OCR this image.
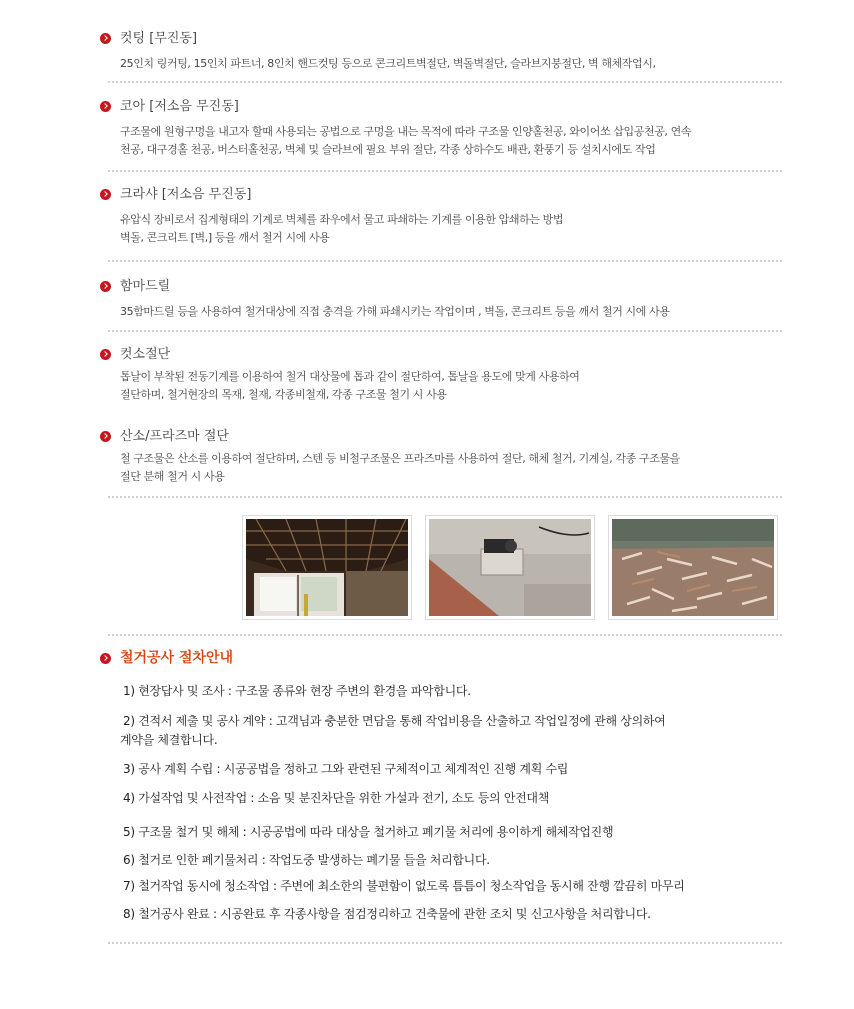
컷팅 [무진동]
25인치 링커팅, 15인치 파트너, 8인치 핸드컷팅 등으로 콘크리트벽절단, 벽돌벽절단, 슬라브지붕절단, 벽 해체작업시,
코아 [저소음 무진동]
구조물에 원형구멍을 내고자 할때 사용되는 공법으로 구멍을 내는 목적에 따라 구조물 인양홀천공, 와이어쏘 삽입공천공, 연속
천공, 대구경홀 천공, 버스터홀천공, 벽체 및 슬라브에 필요 부위 절단, 각종 상하수도 배관, 환풍기 등 설치시에도 작업
크라샤 [저소음 무진동]
유압식 장비로서 집게형태의 기계로 벽체를 좌우에서 물고 파쇄하는 기계를 이용한 압쇄하는 방법
벽돌, 콘크리트 [벽,] 등을 깨서 철거 시에 사용
함마드릴
35함마드릴 등을 사용하여 철거대상에 직접 충격을 가해 파쇄시키는 작업이며 , 벽돌, 콘크리트 등을 깨서 철거 시에 사용
컷소절단
톱날이 부착된 전동기계를 이용하여 철거 대상물에 톱과 같이 절단하여, 톱날을 용도에 맞게 사용하여
절단하며, 철거현장의 목재, 철재, 각종비철재, 각종 구조물 철기 시 사용
산소/프라즈마 절단
철 구조물은 산소를 이용하여 절단하며, 스텐 등 비철구조물은 프라즈마를 사용하여 절단, 해체 철거, 기계실, 각종 구조물을
절단 분해 철거 시 사용
철거공사 절차안내
1) 현장답사 및 조사 : 구조물 종류와 현장 주변의 환경을 파악합니다.
2) 견적서 제출 및 공사 계약 : 고객님과 충분한 면담을 통해 작업비용을 산출하고 작업일정에 관해 상의하여
계약을 체결합니다.
3) 공사 계획 수립 : 시공공법을 정하고 그와 관련된 구체적이고 체계적인 진행 계획 수립
4) 가설작업 및 사전작업 : 소음 및 분진차단을 위한 가설과 전기, 소도 등의 안전대책
5) 구조물 철거 및 해체 : 시공공법에 따라 대상을 철거하고 폐기물 처리에 용이하게 해체작업진행
6) 철거로 인한 폐기물처리 : 작업도중 발생하는 폐기물 들을 처리합니다.
7) 철거작업 동시에 청소작업 : 주변에 최소한의 불편함이 없도록 틈틈이 청소작업을 동시해 잔행 깔끔히 마무리
8) 철거공사 완료 : 시공완료 후 각종사항을 점검정리하고 건축물에 관한 조치 및 신고사항을 처리합니다.
